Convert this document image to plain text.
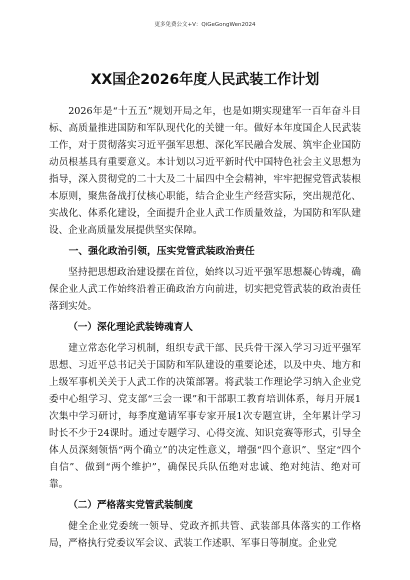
更多免费公文+V：QiGeGongWen2024
XX国企2026年度人民武装工作计划

2026年是“十五五”规划开局之年，也是如期实现建军一百年奋斗目标、高质量推进国防和军队现代化的关键一年。做好本年度国企人民武装工作，对于贯彻落实习近平强军思想、深化军民融合发展、筑牢企业国防动员根基具有重要意义。本计划以习近平新时代中国特色社会主义思想为指导，深入贯彻党的二十大及二十届四中全会精神，牢牢把握党管武装根本原则，聚焦备战打仗核心职能，结合企业生产经营实际，突出规范化、实战化、体系化建设，全面提升企业人武工作质量效益，为国防和军队建设、企业高质量发展提供坚实保障。

一、强化政治引领，压实党管武装政治责任

坚持把思想政治建设摆在首位，始终以习近平强军思想凝心铸魂，确保企业人武工作始终沿着正确政治方向前进，切实把党管武装的政治责任落到实处。

（一）深化理论武装铸魂育人

建立常态化学习机制，组织专武干部、民兵骨干深入学习习近平强军思想、习近平总书记关于国防和军队建设的重要论述，以及中央、地方和上级军事机关关于人武工作的决策部署。将武装工作理论学习纳入企业党委中心组学习、党支部“三会一课”和干部职工教育培训体系，每月开展1次集中学习研讨，每季度邀请军事专家开展1次专题宣讲，全年累计学习时长不少于24课时。通过专题学习、心得交流、知识竞赛等形式，引导全体人员深刻领悟“两个确立”的决定性意义，增强“四个意识”、坚定“四个自信”、做到“两个维护”，确保民兵队伍绝对忠诚、绝对纯洁、绝对可靠。

（二）严格落实党管武装制度

健全企业党委统一领导、党政齐抓共管、武装部具体落实的工作格局，严格执行党委议军会议、武装工作述职、军事日等制度。企业党
